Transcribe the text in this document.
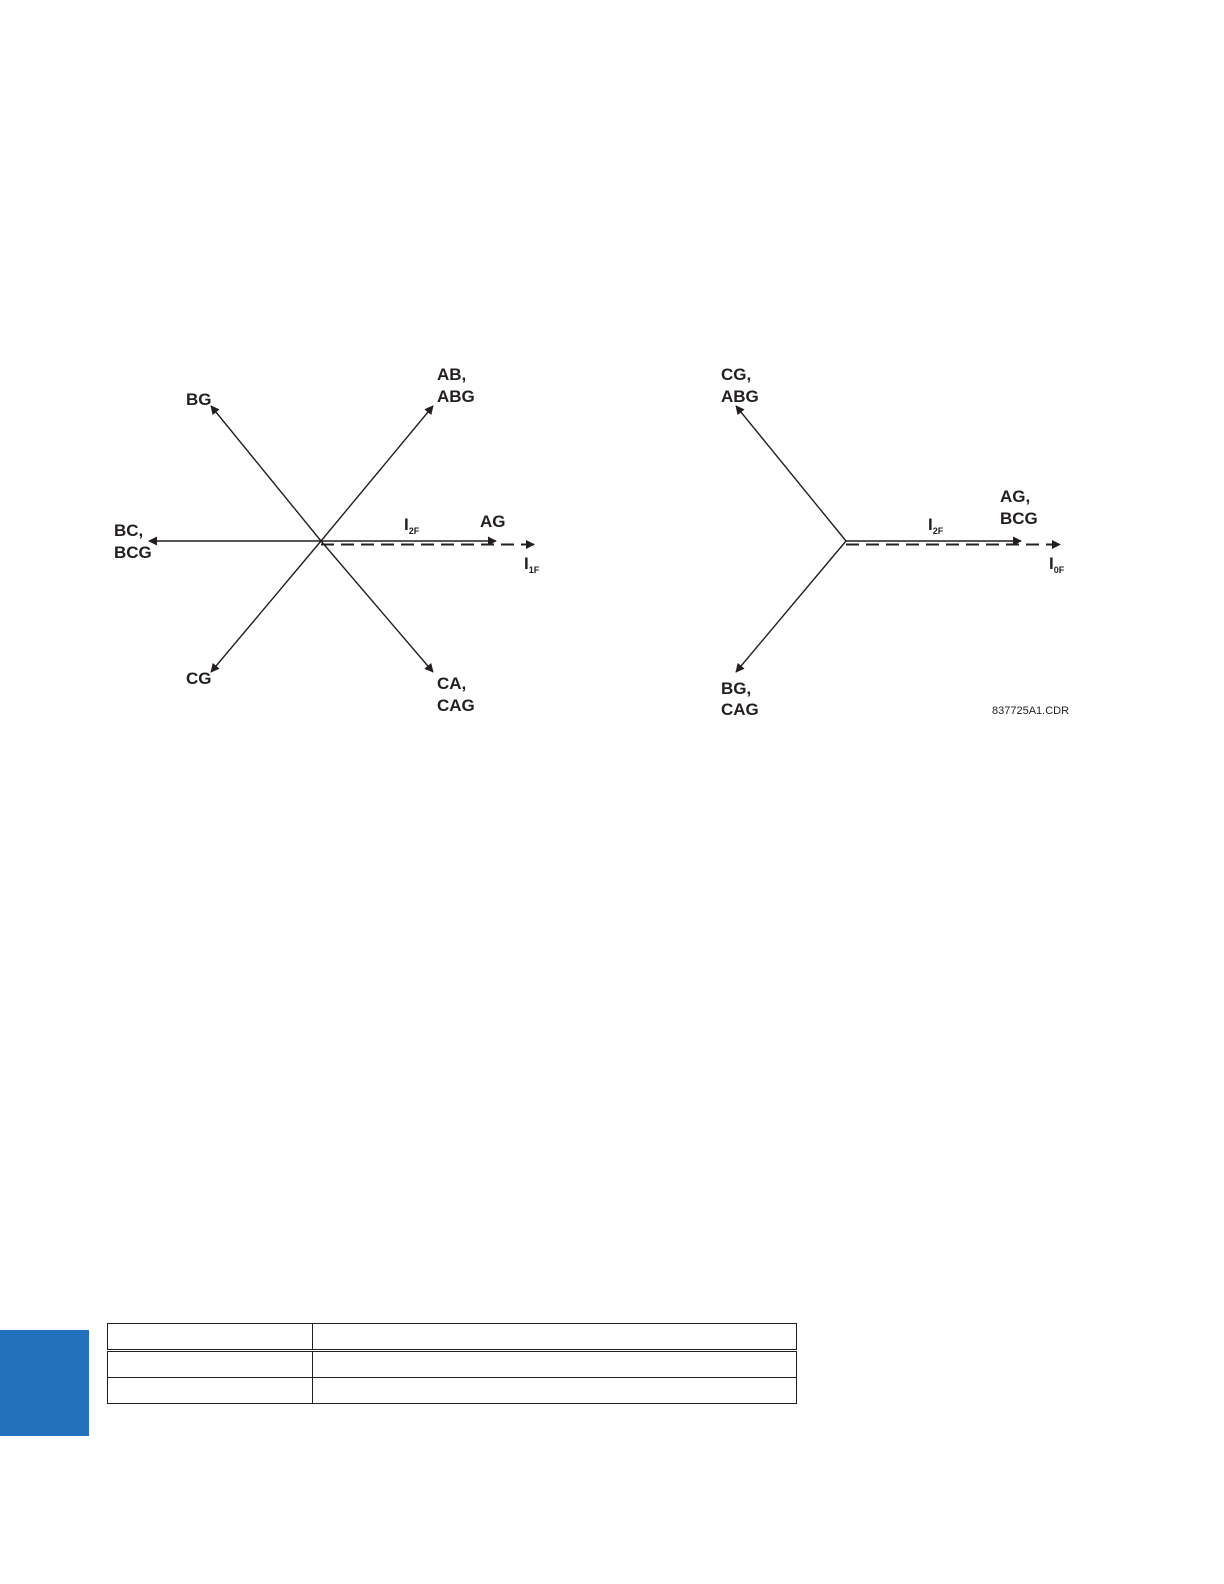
BG
AB,
ABG
BC,
BCG
AG
CG	CA,
CAG
$I_{2F}$
$I_{1F}$
CG,
ABG
AG,
BCG
BG,
CAG
$I_{2F}$
$I_{0F}$
837725A1.CDR
